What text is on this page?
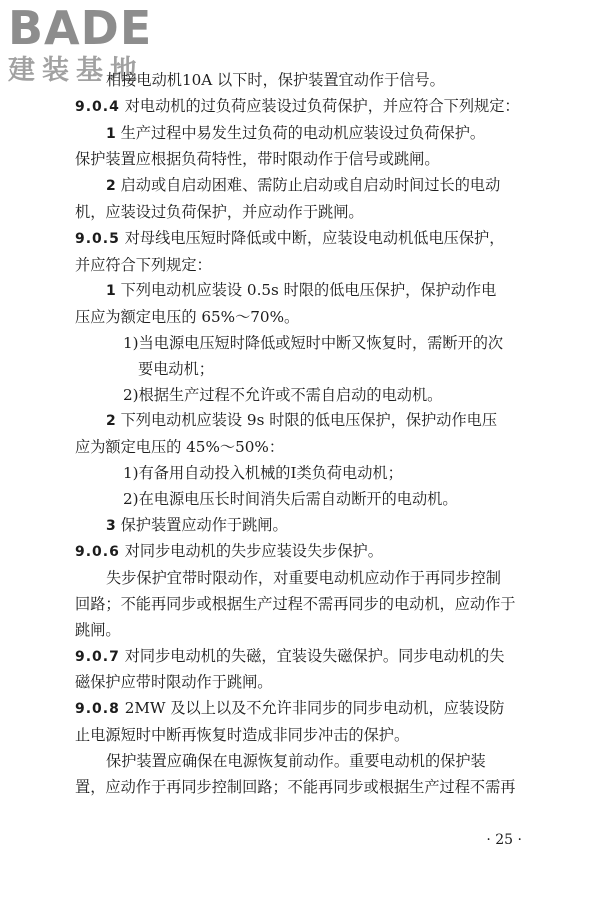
BADE
建装基地
相接电动机10A 以下时，保护装置宜动作于信号。
9.0.4 对电动机的过负荷应装设过负荷保护，并应符合下列规定：
1 生产过程中易发生过负荷的电动机应装设过负荷保护。
保护装置应根据负荷特性，带时限动作于信号或跳闸。
2 启动或自启动困难、需防止启动或自启动时间过长的电动
机，应装设过负荷保护，并应动作于跳闸。
9.0.5 对母线电压短时降低或中断，应装设电动机低电压保护，
并应符合下列规定：
1 下列电动机应装设 0.5s 时限的低电压保护，保护动作电
压应为额定电压的 65%～70%。
1)当电源电压短时降低或短时中断又恢复时，需断开的次
要电动机；
2)根据生产过程不允许或不需自启动的电动机。
2 下列电动机应装设 9s 时限的低电压保护，保护动作电压
应为额定电压的 45%～50%：
1)有备用自动投入机械的Ⅰ类负荷电动机；
2)在电源电压长时间消失后需自动断开的电动机。
3 保护装置应动作于跳闸。
9.0.6 对同步电动机的失步应装设失步保护。
失步保护宜带时限动作，对重要电动机应动作于再同步控制
回路；不能再同步或根据生产过程不需再同步的电动机，应动作于
跳闸。
9.0.7 对同步电动机的失磁，宜装设失磁保护。同步电动机的失
磁保护应带时限动作于跳闸。
9.0.8 2MW 及以上以及不允许非同步的同步电动机，应装设防
止电源短时中断再恢复时造成非同步冲击的保护。
保护装置应确保在电源恢复前动作。重要电动机的保护装
置，应动作于再同步控制回路；不能再同步或根据生产过程不需再
· 25 ·
